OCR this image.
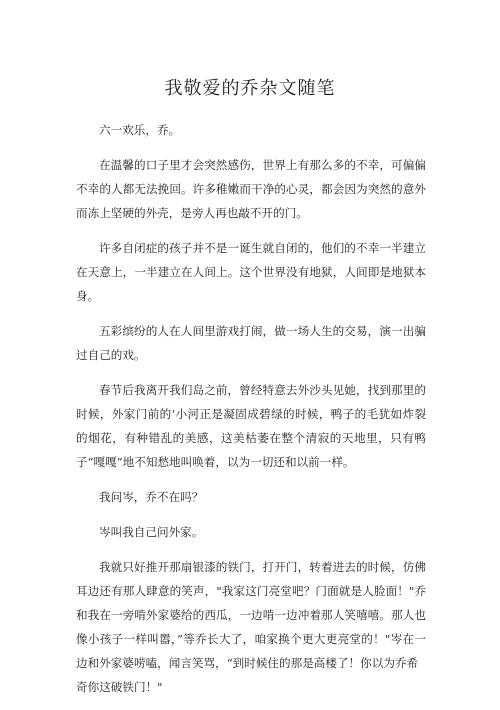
我敬爱的乔杂文随笔

六一欢乐，乔。

在温馨的口子里才会突然感伤，世界上有那么多的不幸，可偏偏不幸的人都无法挽回。许多稚嫩而干净的心灵，都会因为突然的意外而冻上坚硬的外壳，是旁人再也敲不开的门。

许多自闭症的孩子并不是一诞生就自闭的，他们的不幸一半建立在天意上，一半建立在人间上。这个世界没有地狱，人间即是地狱本身。

五彩缤纷的人在人间里游戏打闹，做一场人生的交易，演一出骗过自己的戏。

春节后我离开我们岛之前，曾经特意去外沙头见她，找到那里的时候，外家门前的‘小河正是凝固成碧绿的时候，鸭子的毛犹如炸裂的烟花，有种错乱的美感，这美枯萎在整个清寂的天地里，只有鸭子“嘎嘎”地不知愁地叫唤着，以为一切还和以前一样。

我问岑，乔不在吗？

岑叫我自己问外家。

我就只好推开那扇银漆的铁门，打开门，转着进去的时候，仿佛耳边还有那人肆意的笑声，"我家这门亮堂吧？门面就是人脸面！"乔和我在一旁啃外家婆给的西瓜，一边啃一边冲着那人笑嘻嘻。那人也像小孩子一样叫嚣，”等乔长大了，咱家换个更大更亮堂的！"岑在一边和外家婆唠嗑，闻言笑骂，“到时候住的那是高楼了！你以为乔希

奇你这破铁门！"
